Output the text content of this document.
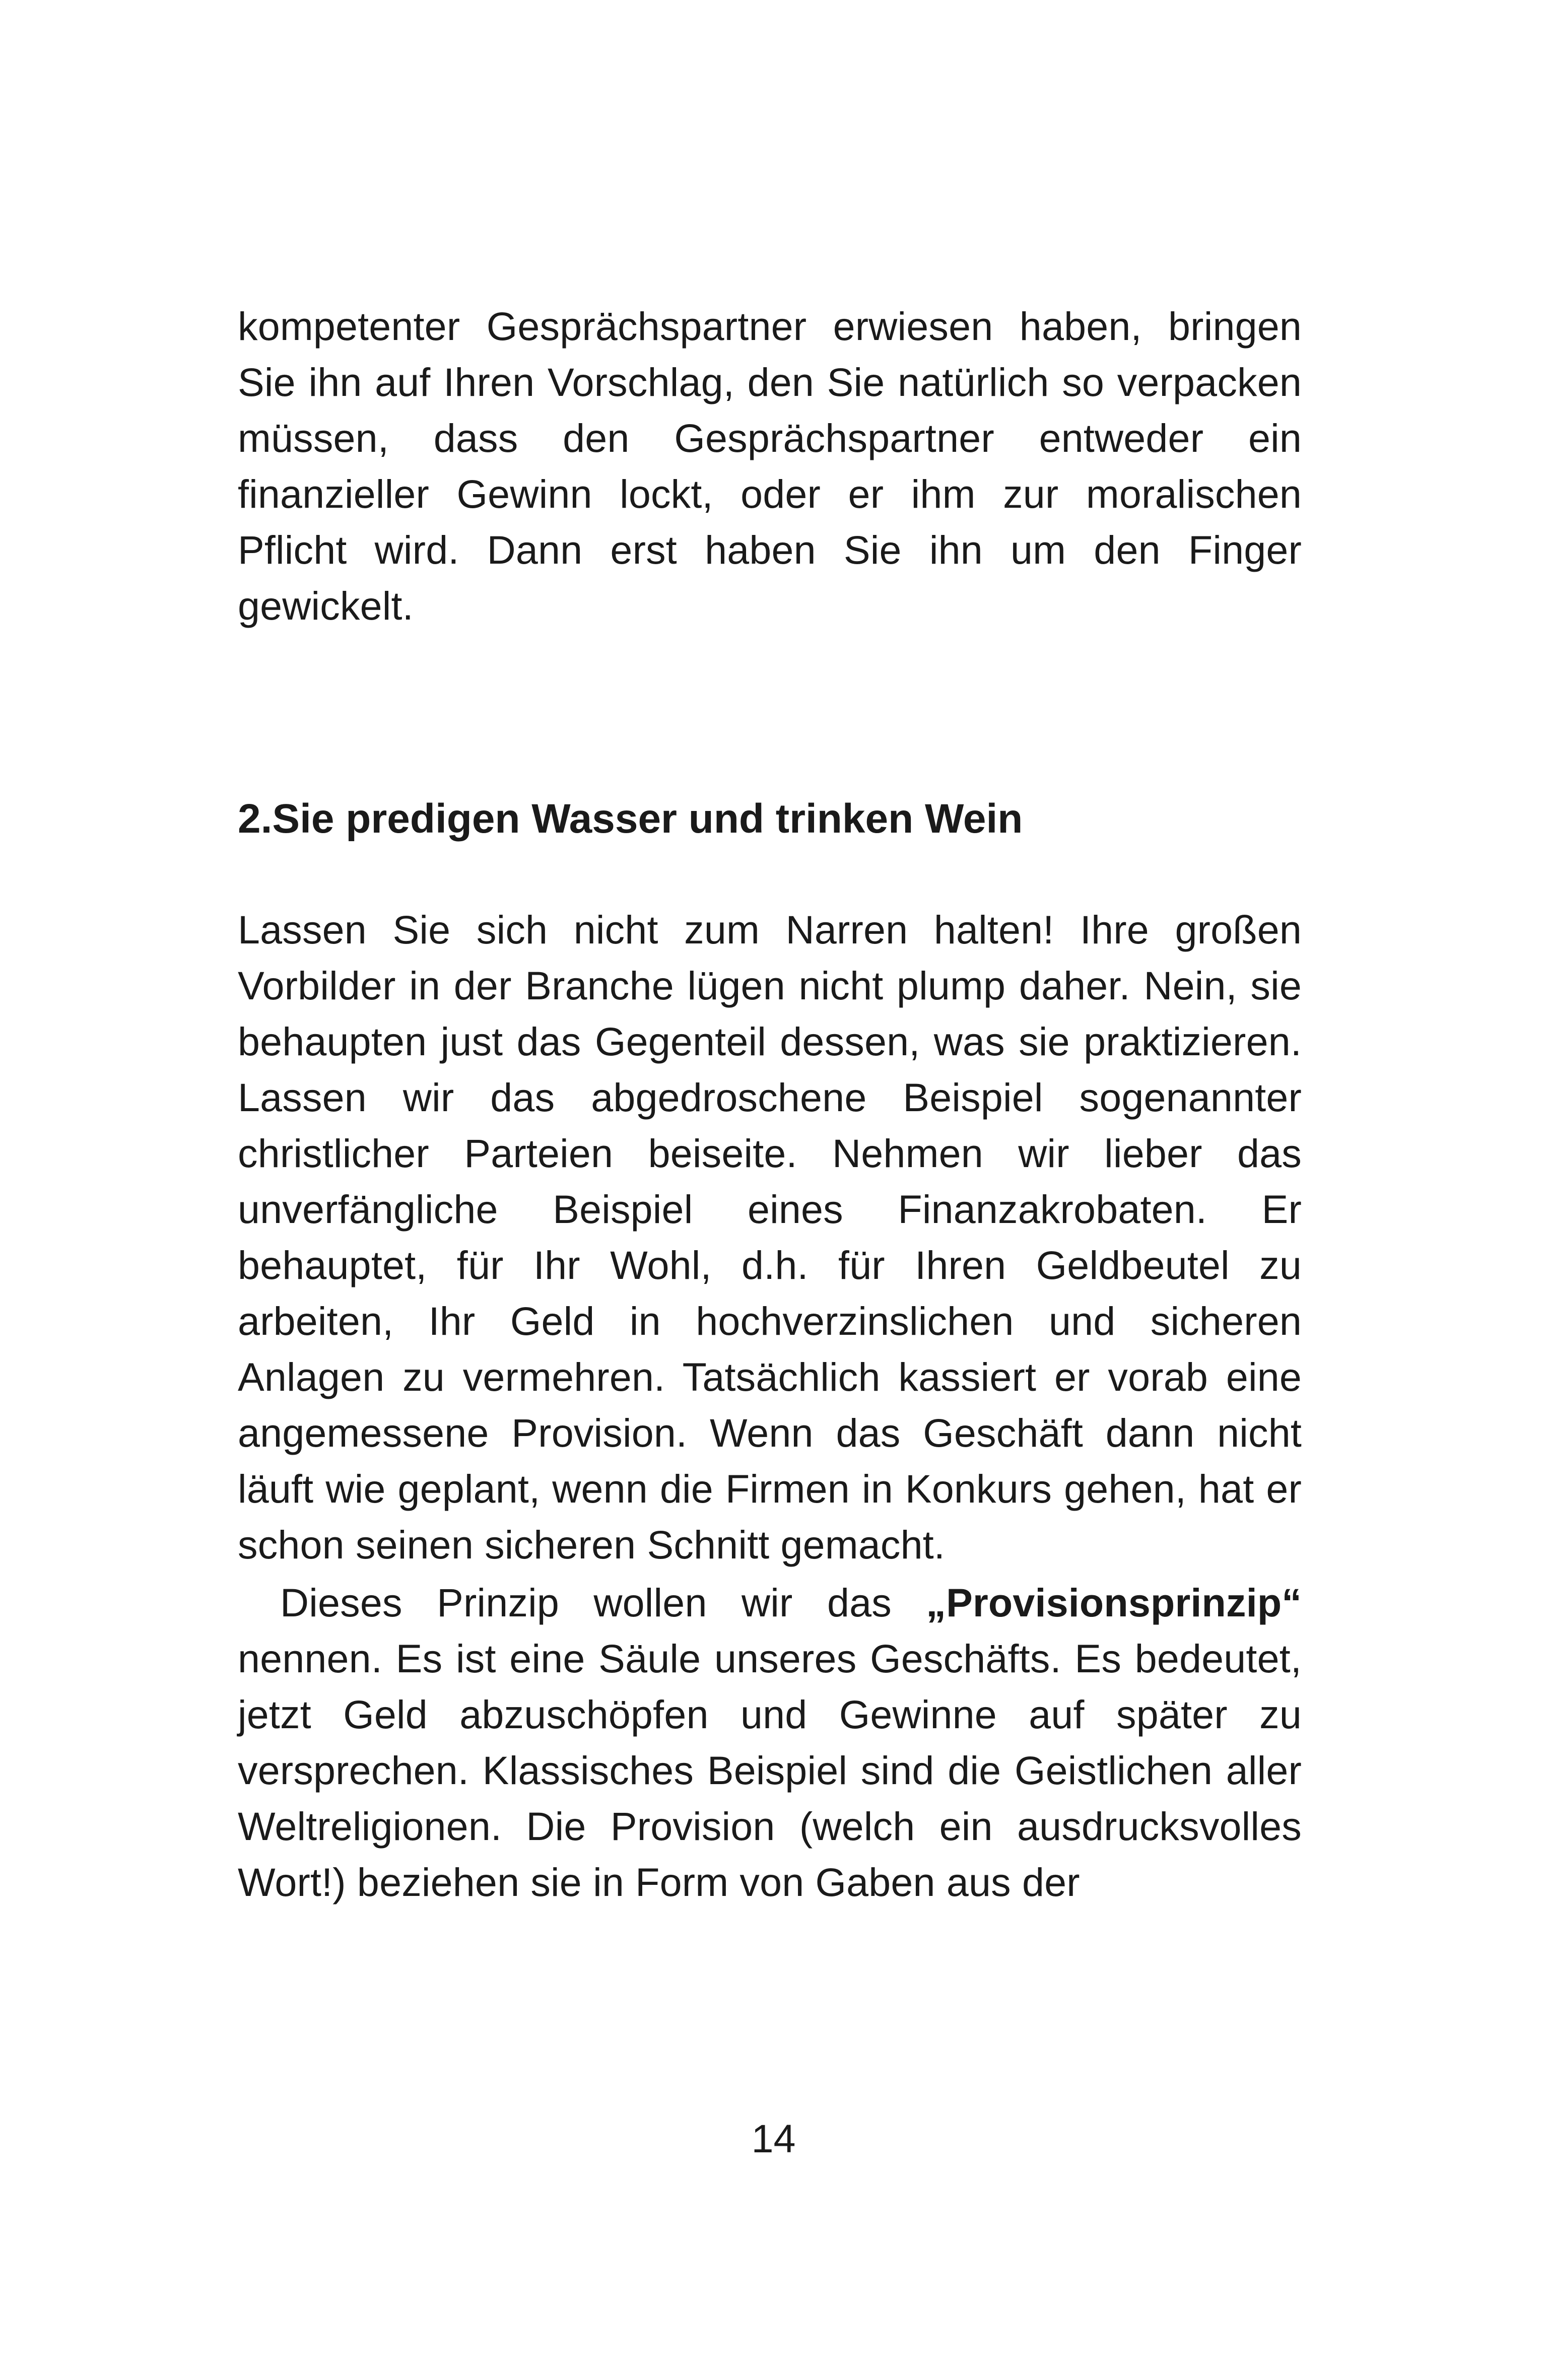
kompetenter Gesprächspartner erwiesen haben, bringen Sie ihn auf Ihren Vorschlag, den Sie natürlich so verpacken müssen, dass den Gesprächspartner entweder ein finanzieller Gewinn lockt, oder er ihm zur moralischen Pflicht wird. Dann erst haben Sie ihn um den Finger gewickelt.

2.Sie predigen Wasser und trinken Wein

Lassen Sie sich nicht zum Narren halten! Ihre großen Vorbilder in der Branche lügen nicht plump daher. Nein, sie behaupten just das Gegenteil dessen, was sie praktizieren. Lassen wir das abgedroschene Beispiel sogenannter christlicher Parteien beiseite. Nehmen wir lieber das unverfängliche Beispiel eines Finanzakrobaten. Er behauptet, für Ihr Wohl, d.h. für Ihren Geldbeutel zu arbeiten, Ihr Geld in hochverzinslichen und sicheren Anlagen zu vermehren. Tatsächlich kassiert er vorab eine angemessene Provision. Wenn das Geschäft dann nicht läuft wie geplant, wenn die Firmen in Konkurs gehen, hat er schon seinen sicheren Schnitt gemacht.

Dieses Prinzip wollen wir das „Provisionsprinzip“ nennen. Es ist eine Säule unseres Geschäfts. Es bedeutet, jetzt Geld abzuschöpfen und Gewinne auf später zu versprechen. Klassisches Beispiel sind die Geistlichen aller Weltreligionen. Die Provision (welch ein ausdrucksvolles Wort!) beziehen sie in Form von Gaben aus der

14
